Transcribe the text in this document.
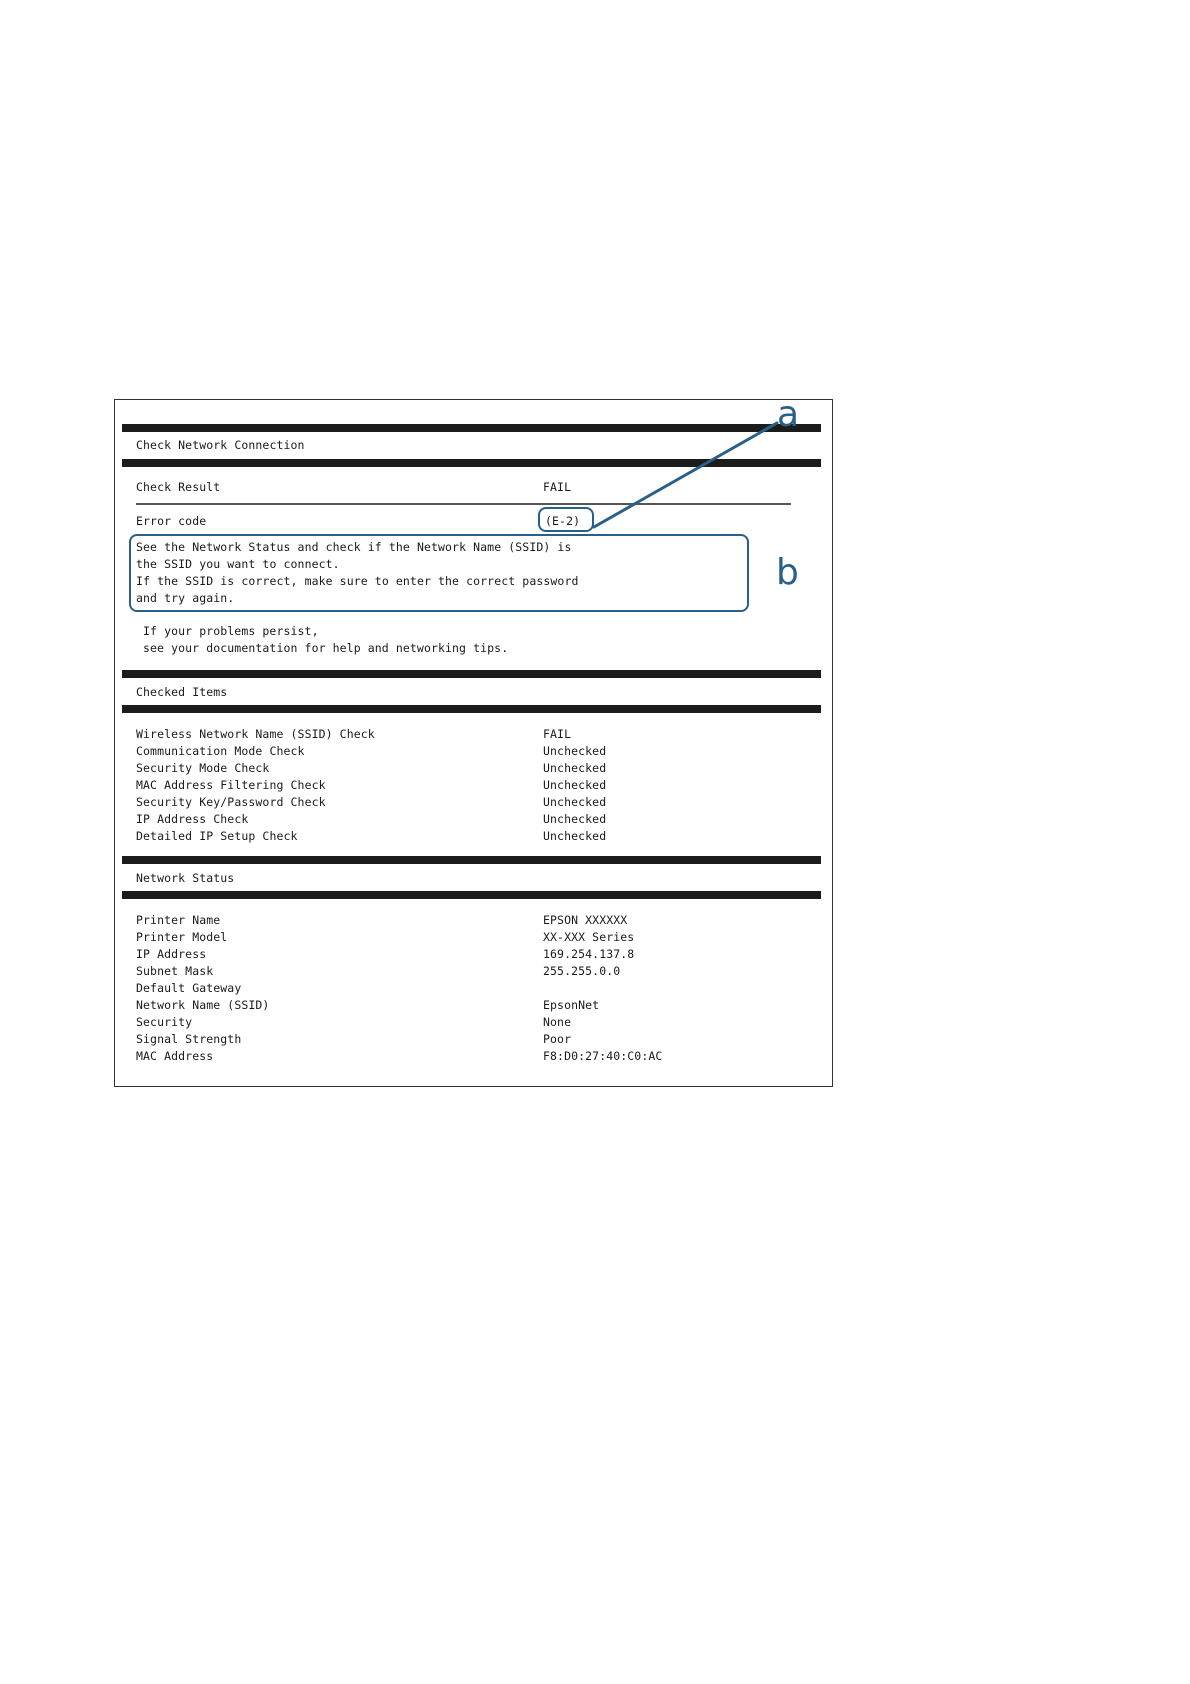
Check Network Connection
Check Result	FAIL
Error code	(E-2)
See the Network Status and check if the Network Name (SSID) is
the SSID you want to connect.
If the SSID is correct, make sure to enter the correct password
and try again.
If your problems persist,
see your documentation for help and networking tips.
Checked Items
Wireless Network Name (SSID) Check	FAIL
Communication Mode Check	Unchecked
Security Mode Check	Unchecked
MAC Address Filtering Check	Unchecked
Security Key/Password Check	Unchecked
IP Address Check	Unchecked
Detailed IP Setup Check	Unchecked
Network Status
Printer Name	EPSON XXXXXX
Printer Model	XX-XXX Series
IP Address	169.254.137.8
Subnet Mask	255.255.0.0
Default Gateway
Network Name (SSID)	EpsonNet
Security	None
Signal Strength	Poor
MAC Address	F8:D0:27:40:C0:AC
a
b
